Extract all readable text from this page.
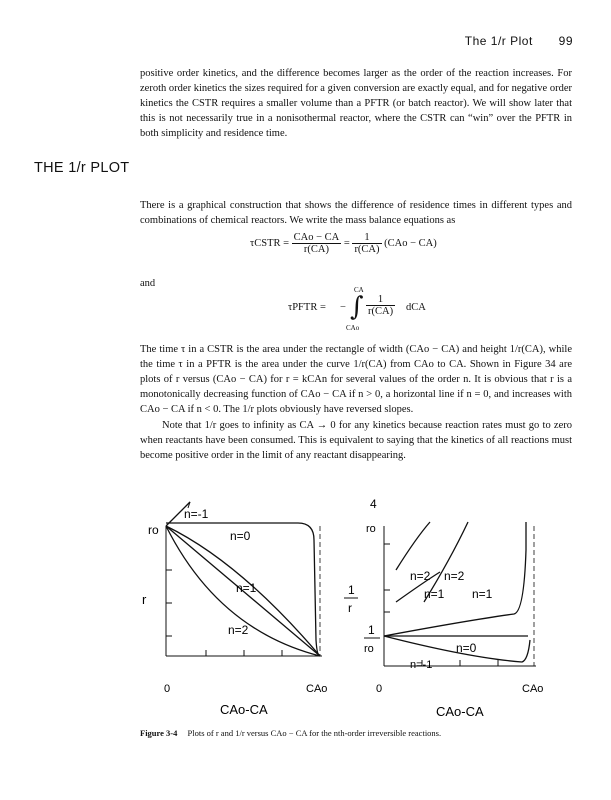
The 1/r Plot 99

positive order kinetics, and the difference becomes larger as the order of the reaction increases. For zeroth order kinetics the sizes required for a given conversion are exactly equal, and for negative order kinetics the CSTR requires a smaller volume than a PFTR (or batch reactor). We will show later that this is not necessarily true in a nonisothermal reactor, where the CSTR can “win” over the PFTR in both simplicity and residence time.

THE 1/r PLOT

There is a graphical construction that shows the difference of residence times in different types and combinations of chemical reactors. We write the mass balance equations as

τCSTR = $\frac{\text{CAo − CA}}{r(CA)} = \frac{1}{r(CA)} (CAo - CA)$
and
τPFTR = − ∫
CA
CAo
$\frac{1}{r(CA)}$ dCA

The time τ in a CSTR is the area under the rectangle of width (CAo − CA) and height 1/r(CA), while the time τ in a PFTR is the area under the curve 1/r(CA) from CAo to CA. Shown in Figure 34 are plots of r versus (CAo − CA) for r = kCAn for several values of the order n. It is obvious that r is a monotonically decreasing function of CAo − CA if n > 0, a horizontal line if n = 0, and increases with CAo − CA if n < 0. The 1/r plots obviously have reversed slopes.

Note that 1/r goes to infinity as CA → 0 for any kinetics because reaction rates must go to zero when reactants have been consumed. This is equivalent to saying that the kinetics of all reactions must become positive order in the limit of any reactant disappearing.

ro
r
0	CAo
CAo-CA
n=-1
n=0
n=1
n=2
4
ro
1
r
1
ro
0	CAo
CAo-CA
n=2 n=2
n=1 n=1
n=0
n=-1
Figure 3-4 Plots of r and 1/r versus CAo − CA for the nth-order irreversible reactions.
